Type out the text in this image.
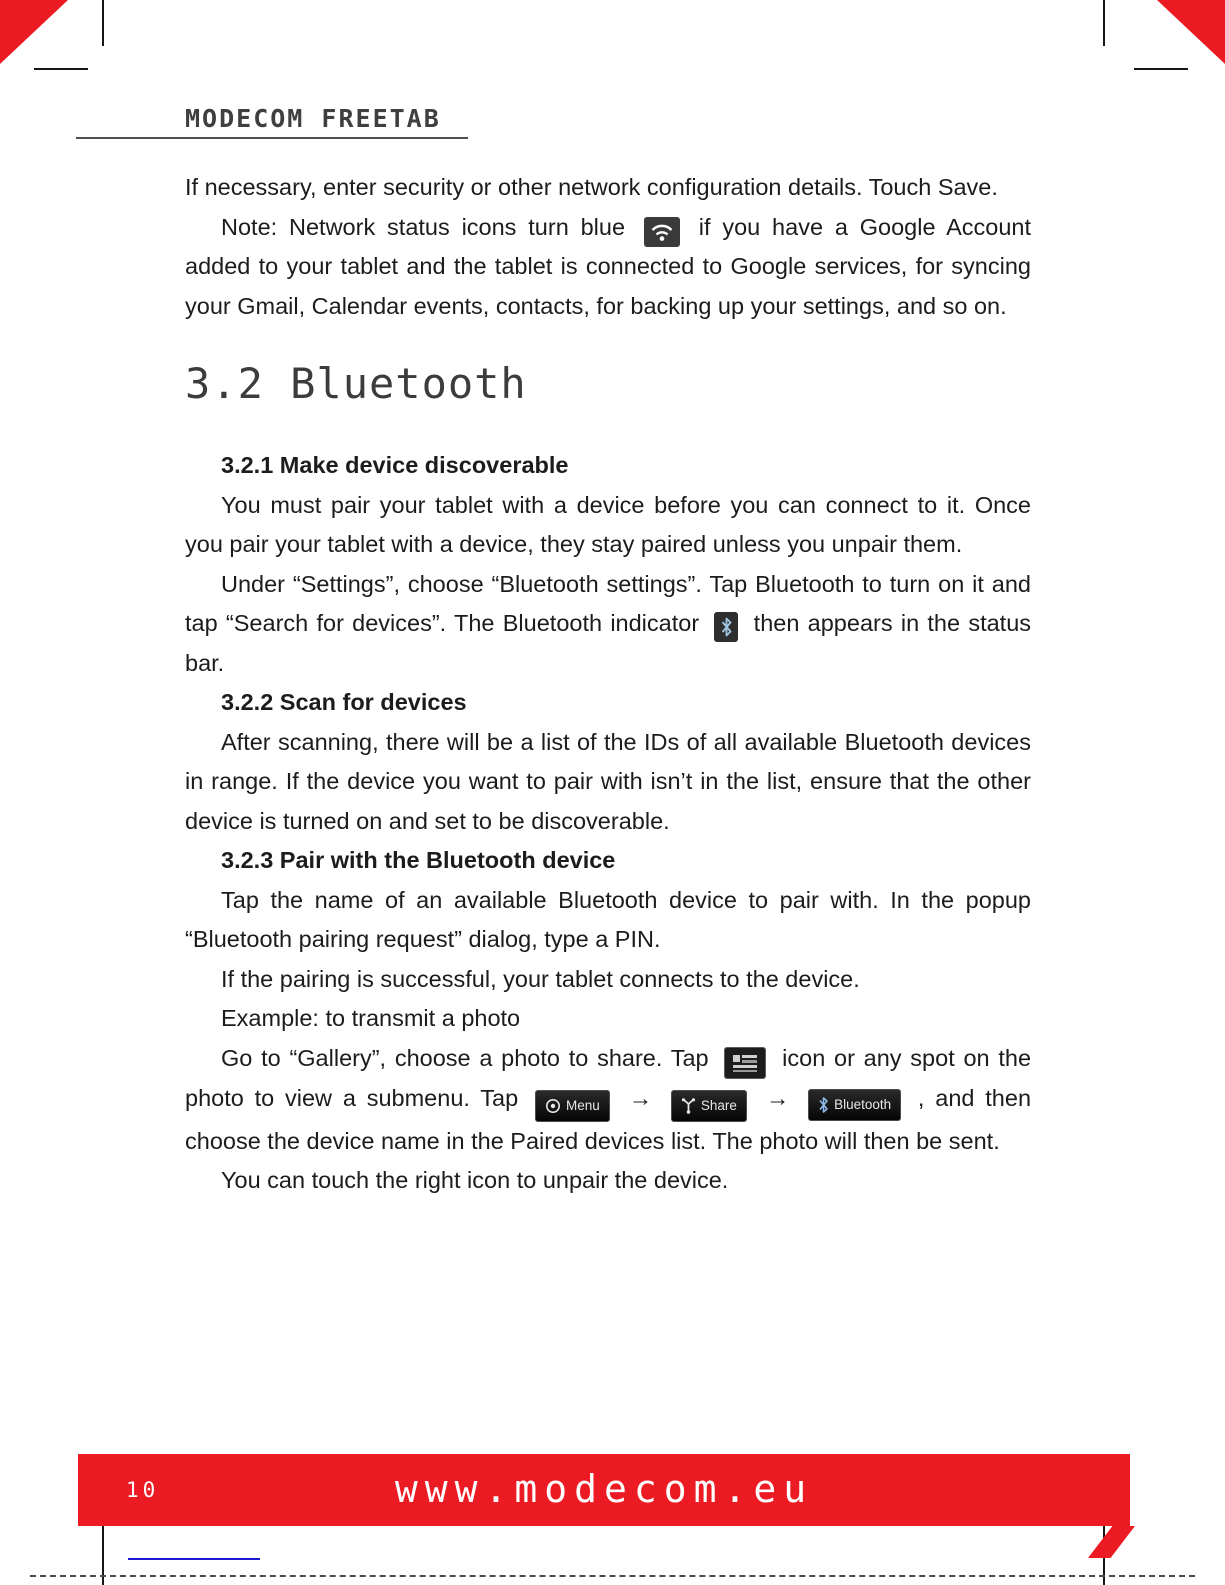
MODECOM FREETAB

If necessary, enter security or other network configuration details. Touch Save.

Note: Network status icons turn blue	if you have a Google Account added to your tablet and the tablet is connected to Google services, for syncing your Gmail, Calendar events, contacts, for backing up your settings, and so on.

3.2 Bluetooth

3.2.1 Make device discoverable

You must pair your tablet with a device before you can connect to it. Once you pair your tablet with a device, they stay paired unless you unpair them.

Under “Settings”, choose “Bluetooth settings”. Tap Bluetooth to turn on it and tap “Search for devices”. The Bluetooth indicator then appears in the status bar.

3.2.2 Scan for devices

After scanning, there will be a list of the IDs of all available Bluetooth devices in range. If the device you want to pair with isn’t in the list, ensure that the other device is turned on and set to be discoverable.

3.2.3 Pair with the Bluetooth device

Tap the name of an available Bluetooth device to pair with. In the popup “Bluetooth pairing request” dialog, type a PIN.

If the pairing is successful, your tablet connects to the device.

Example: to transmit a photo

Go to “Gallery”, choose a photo to share. Tap	icon or any spot on the photo to view a submenu. Tap	Menu →	Share →	Bluetooth , and then choose the device name in the Paired devices list. The photo will then be sent.

You can touch the right icon to unpair the device.

10	www.modecom.eu
